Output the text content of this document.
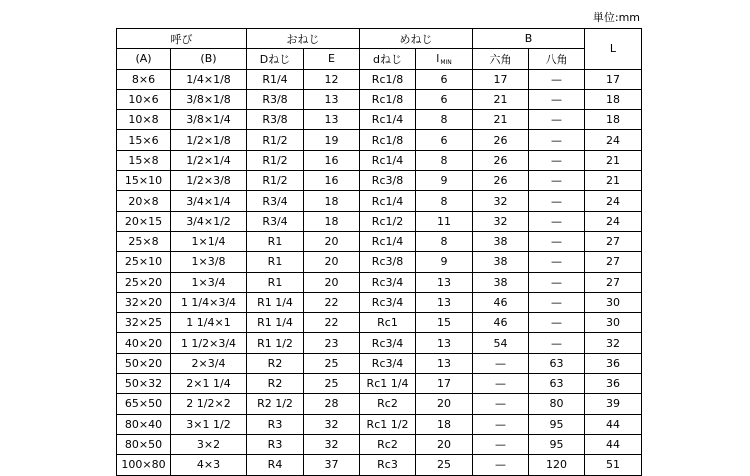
単位:mm
呼び		おねじ		めねじ		B		L
(A)	(B)	Dねじ	E	dねじ	$l_{MIN}$	六角	八角	
8×6	1/4×1/8	R1/4	12	Rc1/8	6	17	—	17
10×6	3/8×1/8	R3/8	13	Rc1/8	6	21	—	18
10×8	3/8×1/4	R3/8	13	Rc1/4	8	21	—	18
15×6	1/2×1/8	R1/2	19	Rc1/8	6	26	—	24
15×8	1/2×1/4	R1/2	16	Rc1/4	8	26	—	21
15×10	1/2×3/8	R1/2	16	Rc3/8	9	26	—	21
20×8	3/4×1/4	R3/4	18	Rc1/4	8	32	—	24
20×15	3/4×1/2	R3/4	18	Rc1/2	11	32	—	24
25×8	1×1/4	R1	20	Rc1/4	8	38	—	27
25×10	1×3/8	R1	20	Rc3/8	9	38	—	27
25×20	1×3/4	R1	20	Rc3/4	13	38	—	27
32×20	1 1/4×3/4	R1 1/4	22	Rc3/4	13	46	—	30
32×25	1 1/4×1	R1 1/4	22	Rc1	15	46	—	30
40×20	1 1/2×3/4	R1 1/2	23	Rc3/4	13	54	—	32
50×20	2×3/4	R2	25	Rc3/4	13	—	63	36
50×32	2×1 1/4	R2	25	Rc1 1/4	17	—	63	36
65×50	2 1/2×2	R2 1/2	28	Rc2	20	—	80	39
80×40	3×1 1/2	R3	32	Rc1 1/2	18	—	95	44
80×50	3×2	R3	32	Rc2	20	—	95	44
100×80	4×3	R4	37	Rc3	25	—	120	51
